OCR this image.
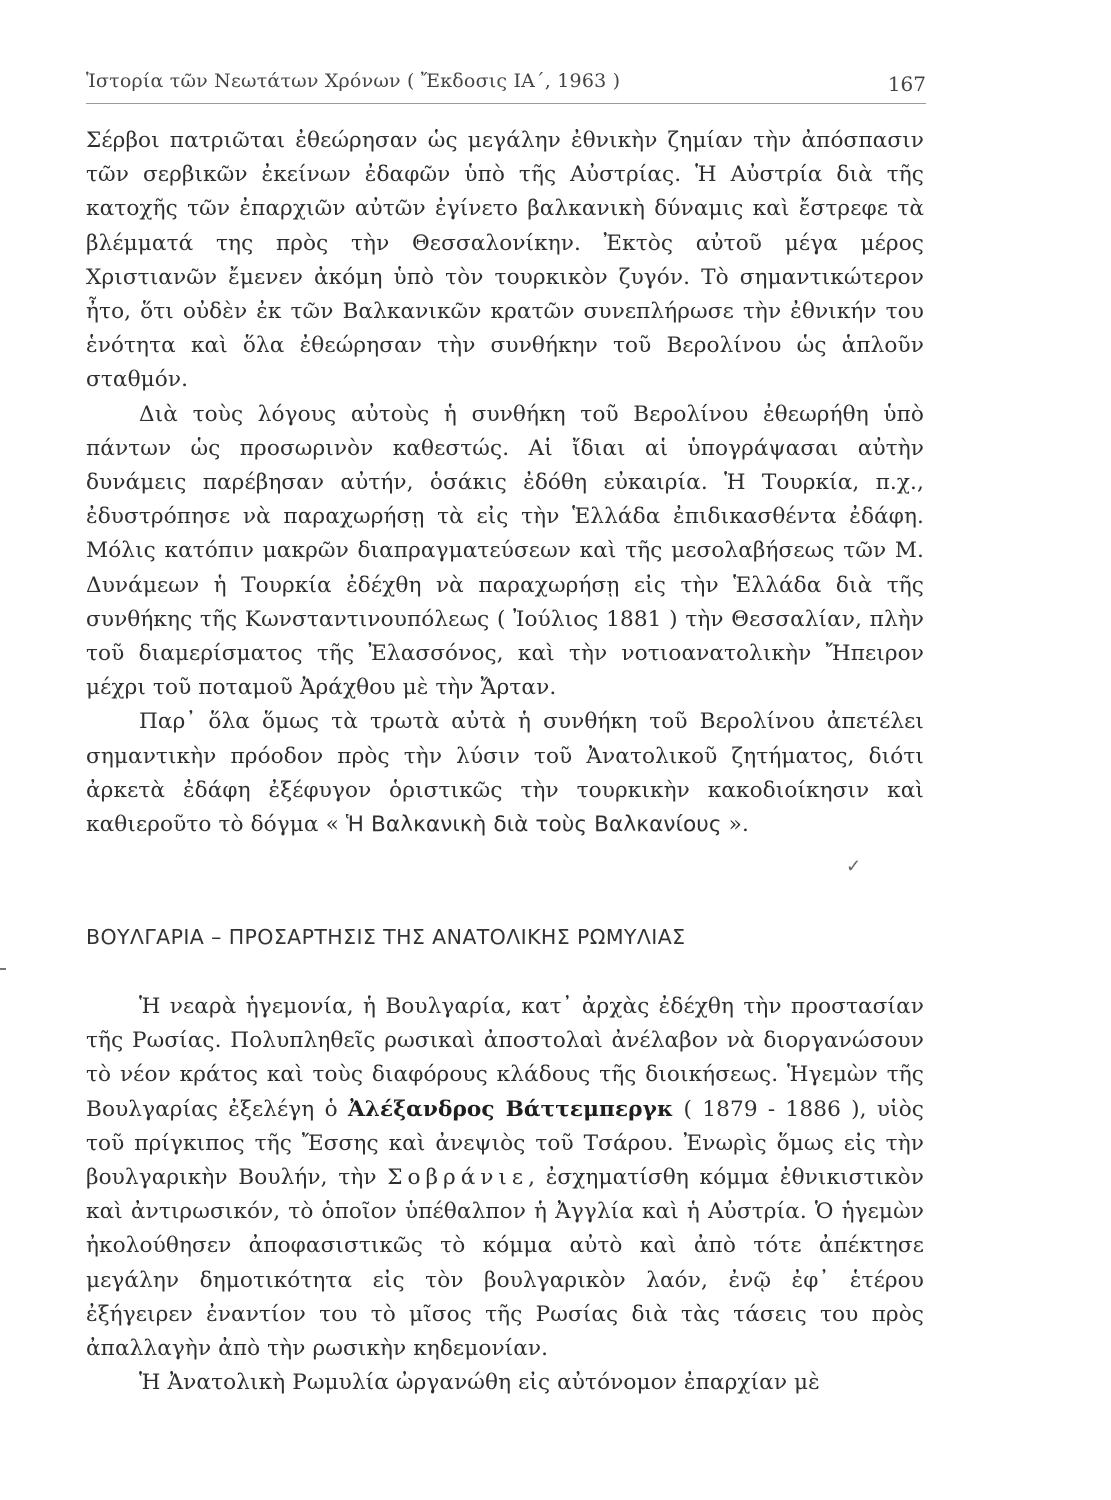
Ἱστορία τῶν Νεωτάτων Χρόνων ( Ἔκδοσις ΙΑ΄, 1963 )	167

Σέρβοι πατριῶται ἐθεώρησαν ὡς μεγάλην ἐθνικὴν ζημίαν τὴν ἀπόσπασιν τῶν σερβικῶν ἐκείνων ἐδαφῶν ὑπὸ τῆς Αὐστρίας. Ἡ Αὐστρία διὰ τῆς κατοχῆς τῶν ἐπαρχιῶν αὐτῶν ἐγίνετο βαλκανικὴ δύναμις καὶ ἔστρεφε τὰ βλέμματά της πρὸς τὴν Θεσσαλονίκην. Ἐκτὸς αὐτοῦ μέγα μέρος Χριστιανῶν ἔμενεν ἀκόμη ὑπὸ τὸν τουρκικὸν ζυγόν. Τὸ σημαντικώτερον ἦτο, ὅτι οὐδὲν ἐκ τῶν Βαλκανικῶν κρατῶν συνεπλήρωσε τὴν ἐθνικήν του ἑνότητα καὶ ὅλα ἐθεώρησαν τὴν συνθήκην τοῦ Βερολίνου ὡς ἁπλοῦν σταθμόν.

Διὰ τοὺς λόγους αὐτοὺς ἡ συνθήκη τοῦ Βερολίνου ἐθεωρήθη ὑπὸ πάντων ὡς προσωρινὸν καθεστώς. Αἱ ἴδιαι αἱ ὑπογράψασαι αὐτὴν δυνάμεις παρέβησαν αὐτήν, ὁσάκις ἐδόθη εὐκαιρία. Ἡ Τουρκία, π.χ., ἐδυστρόπησε νὰ παραχωρήσῃ τὰ εἰς τὴν Ἑλλάδα ἐπιδικασθέντα ἐδάφη. Μόλις κατόπιν μακρῶν διαπραγματεύσεων καὶ τῆς μεσολαβήσεως τῶν Μ. Δυνάμεων ἡ Τουρκία ἐδέχθη νὰ παραχωρήσῃ εἰς τὴν Ἑλλάδα διὰ τῆς συνθήκης τῆς Κωνσταντινουπόλεως ( Ἰούλιος 1881 ) τὴν Θεσσαλίαν, πλὴν τοῦ διαμερίσματος τῆς Ἐλασσόνος, καὶ τὴν νοτιοανατολικὴν Ἤπειρον μέχρι τοῦ ποταμοῦ Ἀράχθου μὲ τὴν Ἄρταν.

Παρ᾿ ὅλα ὅμως τὰ τρωτὰ αὐτὰ ἡ συνθήκη τοῦ Βερολίνου ἀπετέλει σημαντικὴν πρόοδον πρὸς τὴν λύσιν τοῦ Ἀνατολικοῦ ζητήματος, διότι ἀρκετὰ ἐδάφη ἐξέφυγον ὁριστικῶς τὴν τουρκικὴν κακοδιοίκησιν καὶ καθιεροῦτο τὸ δόγμα « Ἡ Βαλκανικὴ διὰ τοὺς Βαλκανίους ».

✓
ΒΟΥΛΓΑΡΙΑ – ΠΡΟΣΑΡΤΗΣΙΣ ΤΗΣ ΑΝΑΤΟΛΙΚΗΣ ΡΩΜΥΛΙΑΣ

Ἡ νεαρὰ ἡγεμονία, ἡ Βουλγαρία, κατ᾿ ἀρχὰς ἐδέχθη τὴν προστασίαν τῆς Ρωσίας. Πολυπληθεῖς ρωσικαὶ ἀποστολαὶ ἀνέλαβον νὰ διοργανώσουν τὸ νέον κράτος καὶ τοὺς διαφόρους κλάδους τῆς διοικήσεως. Ἡγεμὼν τῆς Βουλγαρίας ἐξελέγη ὁ Ἀλέξανδρος Βάττεμπεργκ ( 1879 - 1886 ), υἱὸς τοῦ πρίγκιπος τῆς Ἔσσης καὶ ἀνεψιὸς τοῦ Τσάρου. Ἐνωρὶς ὅμως εἰς τὴν βουλγαρικὴν Βουλήν, τὴν Σοβράνιε, ἐσχηματίσθη κόμμα ἐθνικιστικὸν καὶ ἀντιρωσικόν, τὸ ὁποῖον ὑπέθαλπον ἡ Ἀγγλία καὶ ἡ Αὐστρία. Ὁ ἡγεμὼν ἠκολούθησεν ἀποφασιστικῶς τὸ κόμμα αὐτὸ καὶ ἀπὸ τότε ἀπέκτησε μεγάλην δημοτικότητα εἰς τὸν βουλγαρικὸν λαόν, ἐνῷ ἐφ᾿ ἑτέρου ἐξήγειρεν ἐναντίον του τὸ μῖσος τῆς Ρωσίας διὰ τὰς τάσεις του πρὸς ἀπαλλαγὴν ἀπὸ τὴν ρωσικὴν κηδεμονίαν.

Ἡ Ἀνατολικὴ Ρωμυλία ὠργανώθη εἰς αὐτόνομον ἐπαρχίαν μὲ
